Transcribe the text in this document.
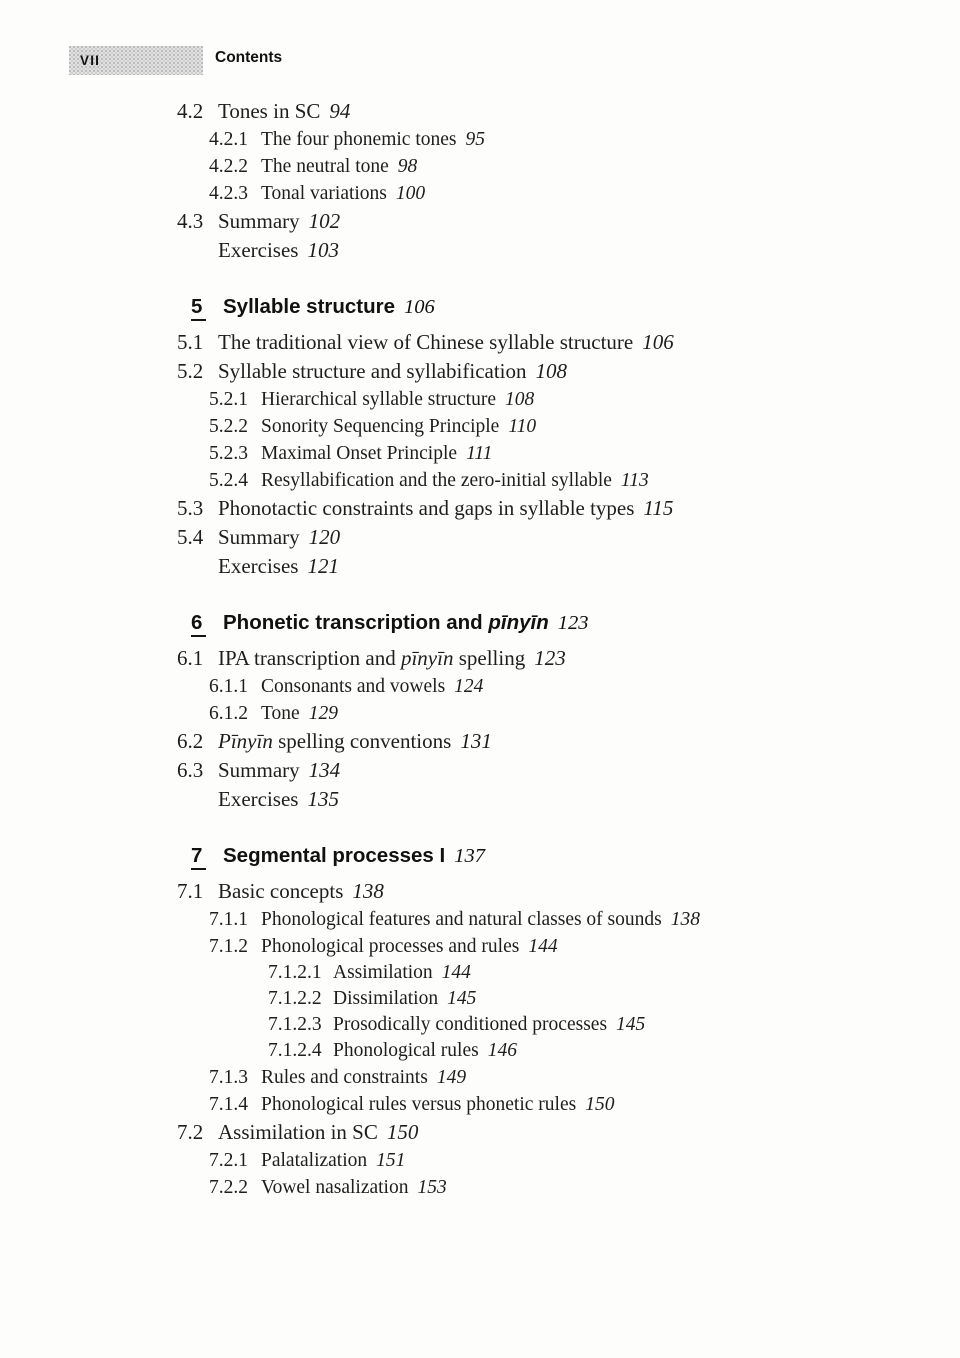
VII	Contents
4.2 Tones in SC 94
4.2.1 The four phonemic tones 95
4.2.2 The neutral tone 98
4.2.3 Tonal variations 100
4.3 Summary 102
Exercises 103
5 Syllable structure 106
5.1 The traditional view of Chinese syllable structure 106
5.2 Syllable structure and syllabification 108
5.2.1 Hierarchical syllable structure 108
5.2.2 Sonority Sequencing Principle 110
5.2.3 Maximal Onset Principle 111
5.2.4 Resyllabification and the zero-initial syllable 113
5.3 Phonotactic constraints and gaps in syllable types 115
5.4 Summary 120
Exercises 121
6 Phonetic transcription and pīnyīn 123
6.1 IPA transcription and pīnyīn spelling 123
6.1.1 Consonants and vowels 124
6.1.2 Tone 129
6.2 Pīnyīn spelling conventions 131
6.3 Summary 134
Exercises 135
7 Segmental processes I 137
7.1 Basic concepts 138
7.1.1 Phonological features and natural classes of sounds 138
7.1.2 Phonological processes and rules 144
7.1.2.1 Assimilation 144
7.1.2.2 Dissimilation 145
7.1.2.3 Prosodically conditioned processes 145
7.1.2.4 Phonological rules 146
7.1.3 Rules and constraints 149
7.1.4 Phonological rules versus phonetic rules 150
7.2 Assimilation in SC 150
7.2.1 Palatalization 151
7.2.2 Vowel nasalization 153
